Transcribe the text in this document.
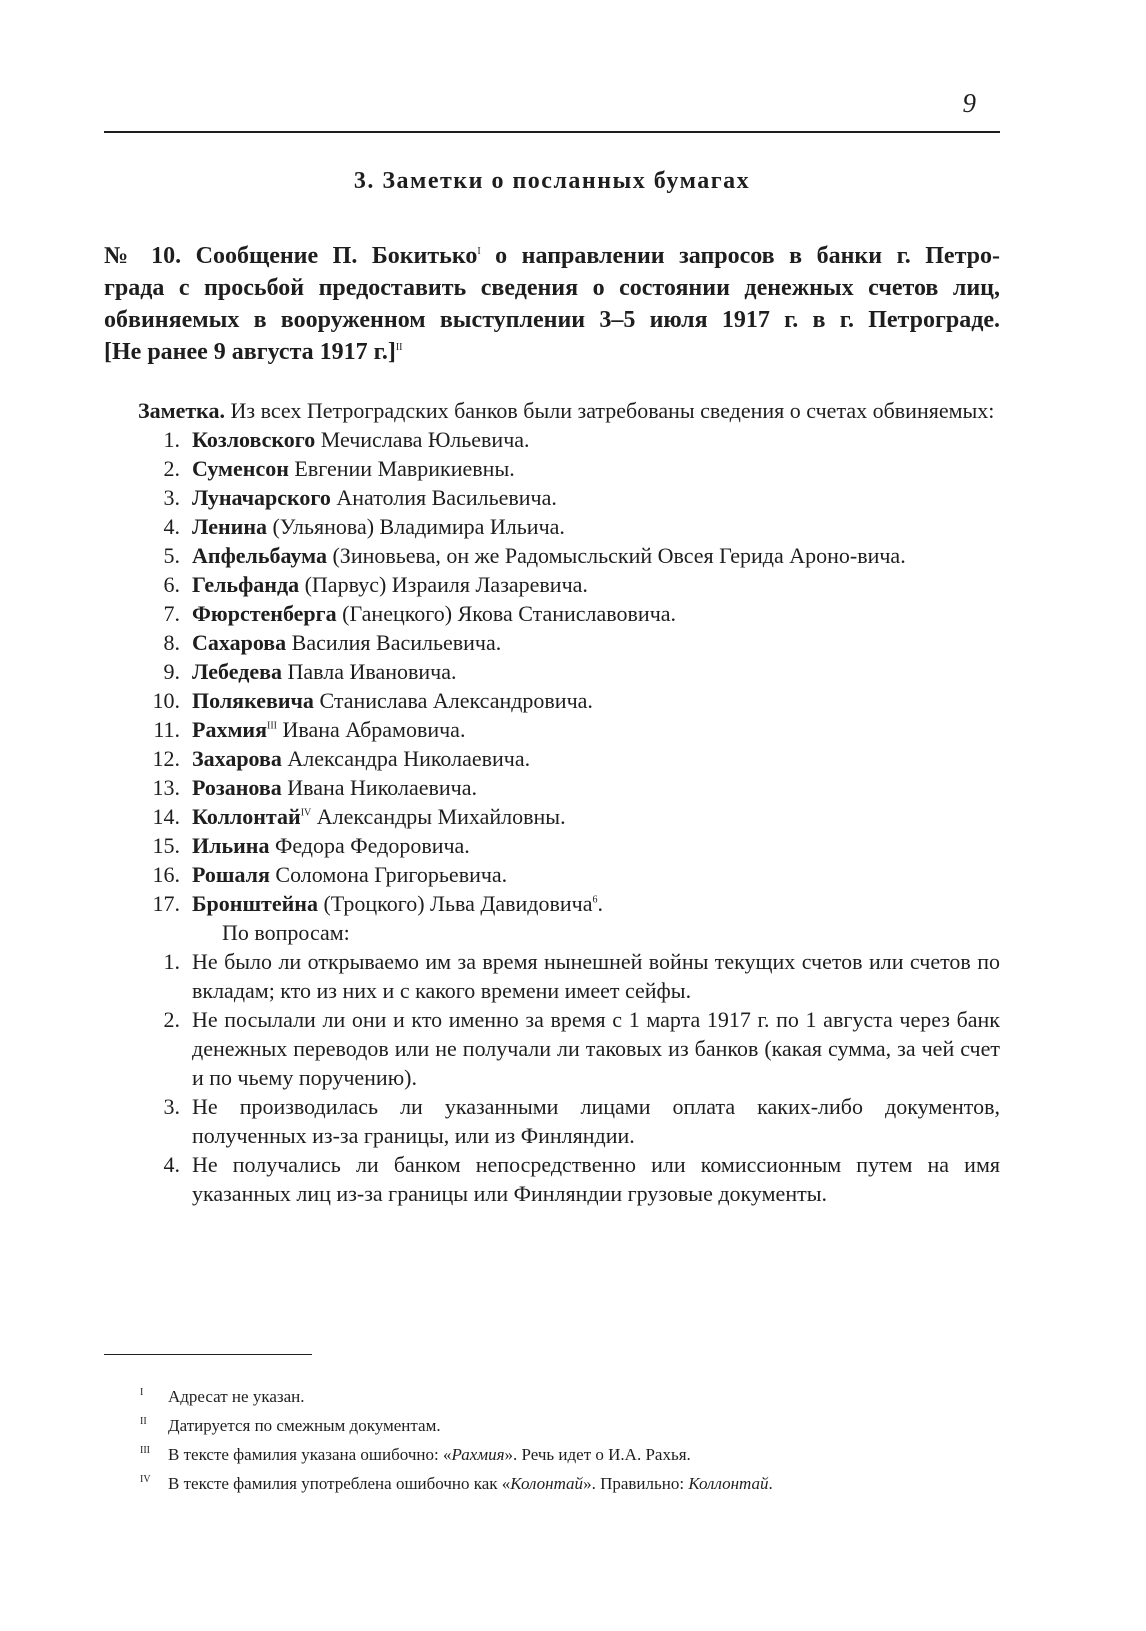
9
3. Заметки о посланных бумагах
№ 10. Сообщение П. Бокитько$^I$ о направлении запросов в банки г. Петро-
града с просьбой предоставить сведения о состоянии денежных счетов лиц,
обвиняемых в вооруженном выступлении 3–5 июля 1917 г. в г. Петрограде.
[Не ранее 9 августа 1917 г.]$^{II}$

Заметка. Из всех Петроградских банков были затребованы сведения о счетах обвиняемых:

1. Козловского Мечислава Юльевича.
2. Суменсон Евгении Маврикиевны.
3. Луначарского Анатолия Васильевича.
4. Ленина (Ульянова) Владимира Ильича.
5. Апфельбаума (Зиновьева, он же Радомысльский Овсея Герида Ароно-вича.
6. Гельфанда (Парвус) Израиля Лазаревича.
7. Фюрстенберга (Ганецкого) Якова Станиславовича.
8. Сахарова Василия Васильевича.
9. Лебедева Павла Ивановича.
10. Полякевича Станислава Александровича.
11. Рахмия$^{III}$ Ивана Абрамовича.
12. Захарова Александра Николаевича.
13. Розанова Ивана Николаевича.
14. Коллонтай$^{IV}$ Александры Михайловны.
15. Ильина Федора Федоровича.
16. Рошаля Соломона Григорьевича.
17. Бронштейна (Троцкого) Льва Давидовича$^6$.

По вопросам:

1. Не было ли открываемо им за время нынешней войны текущих счетов или счетов по вкладам; кто из них и с какого времени имеет сейфы.
2. Не посылали ли они и кто именно за время с 1 марта 1917 г. по 1 августа через банк денежных переводов или не получали ли таковых из банков (какая сумма, за чей счет и по чьему поручению).
3. Не производилась ли указанными лицами оплата каких-либо документов, полученных из-за границы, или из Финляндии.
4. Не получались ли банком непосредственно или комиссионным путем на имя указанных лиц из-за границы или Финляндии грузовые документы.
I Адресат не указан.
II Датируется по смежным документам.
III В тексте фамилия указана ошибочно: «Рахмия». Речь идет о И.А. Рахья.
IV В тексте фамилия употреблена ошибочно как «Колонтай». Правильно: Коллонтай.
